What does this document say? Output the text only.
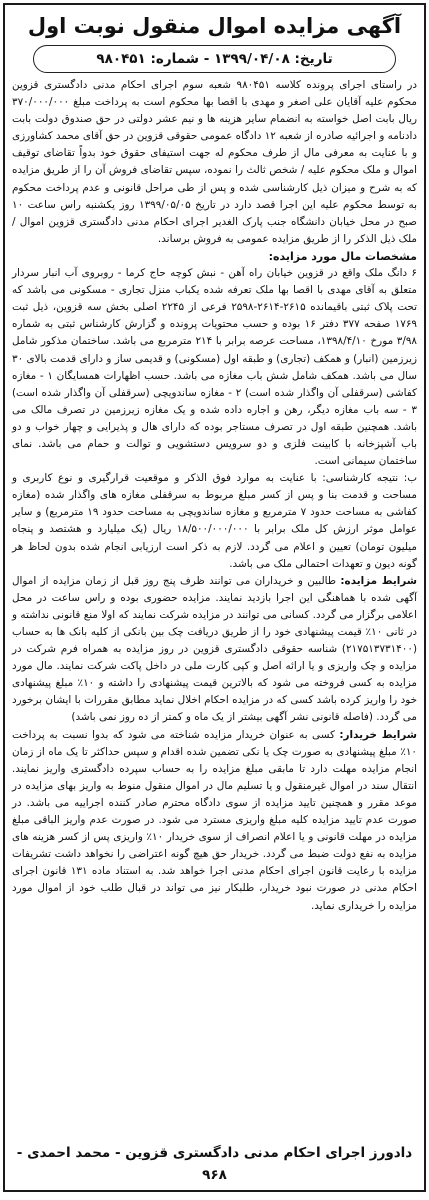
آگهی مزایده اموال منقول نوبت اول
تاریخ: ۱۳۹۹/۰۴/۰۸ - شماره: ۹۸۰۴۵۱

در راستای اجرای پرونده کلاسه ۹۸۰۴۵۱ شعبه سوم اجرای احکام مدنی دادگستری قزوین محکوم علیه آقایان علی اصغر و مهدی با اقصا بها محکوم است به پرداخت مبلغ ۳۷۰/۰۰۰/۰۰۰ ریال بابت اصل خواسته به انضمام سایر هزینه ها و نیم عشر دولتی در حق صندوق دولت بابت دادنامه و اجرائیه صادره از شعبه ۱۲ دادگاه عمومی حقوقی قزوین در حق آقای محمد کشاورزی و با عنایت به معرفی مال از طرف محکوم له جهت استیفای حقوق خود بدواً تقاضای توقیف اموال و ملک محکوم علیه / شخص ثالث را نموده، سپس تقاضای فروش آن را از طریق مزایده که به شرح و میزان ذیل کارشناسی شده و پس از طی مراحل قانونی و عدم پرداخت محکوم به توسط محکوم علیه این اجرا قصد دارد در تاریخ ۱۳۹۹/۰۵/۰۵ روز یکشنبه راس ساعت ۱۰ صبح در محل خیابان دانشگاه جنب پارک الغدیر اجرای احکام مدنی دادگستری قزوین اموال / ملک ذیل الذکر را از طریق مزایده عمومی به فروش برساند.

مشخصات مال مورد مزایده:

۶ دانگ ملک واقع در قزوین خیابان راه آهن - نبش کوچه حاج کرما - روبروی آب انبار سردار متعلق به آقای مهدی با اقصا بها ملک تعرفه شده یکباب منزل تجاری - مسکونی می باشد که تحت پلاک ثبتی باقیمانده ۲۶۱۵-۲۶۱۴-۲۵۹۸ فرعی از ۲۲۴۵ اصلی بخش سه قزوین، ذیل ثبت ۱۷۶۹ صفحه ۳۷۷ دفتر ۱۶ بوده و حسب محتویات پرونده و گزارش کارشناس ثبتی به شماره ۳/۹۸ مورخ ۱۳۹۸/۴/۱۰، مساحت عرصه برابر با ۲۱۴ مترمربع می باشد. ساختمان مذکور شامل زیرزمین (انبار) و همکف (تجاری) و طبقه اول (مسکونی) و قدیمی ساز و دارای قدمت بالای ۳۰ سال می باشد. همکف شامل شش باب مغازه می باشد. حسب اظهارات همسایگان ۱ - مغازه کفاشی (سرقفلی آن واگذار شده است) ۲ - مغازه ساندویچی (سرقفلی آن واگذار شده است) ۳ - سه باب مغازه دیگر، رهن و اجاره داده شده و یک مغازه زیرزمین در تصرف مالک می باشد. همچنین طبقه اول در تصرف مستاجر بوده که دارای هال و پذیرایی و چهار خواب و دو باب آشپزخانه با کابینت فلزی و دو سرویس دستشویی و توالت و حمام می باشد. نمای ساختمان سیمانی است.

ب: نتیجه کارشناسی: با عنایت به موارد فوق الذکر و موقعیت قرارگیری و نوع کاربری و مساحت و قدمت بنا و پس از کسر مبلغ مربوط به سرقفلی مغازه های واگذار شده (مغازه کفاشی به مساحت حدود ۷ مترمربع و مغازه ساندویچی به مساحت حدود ۱۹ مترمربع) و سایر عوامل موثر ارزش کل ملک برابر با ۱۸/۵۰۰/۰۰۰/۰۰۰ ریال (یک میلیارد و هشتصد و پنجاه میلیون تومان) تعیین و اعلام می گردد. لازم به ذکر است ارزیابی انجام شده بدون لحاظ هر گونه دیون و تعهدات احتمالی ملک می باشد.

شرایط مزایده: طالبین و خریداران می توانند ظرف پنج روز قبل از زمان مزایده از اموال آگهی شده با هماهنگی این اجرا بازدید نمایند. مزایده حضوری بوده و راس ساعت در محل اعلامی برگزار می گردد. کسانی می توانند در مزایده شرکت نمایند که اولا منع قانونی نداشته و در ثانی ۱۰٪ قیمت پیشنهادی خود را از طریق دریافت چک بین بانکی از کلیه بانک ها به حساب (۲۱۷۵۱۳۷۳۱۴۰۰) شناسه حقوقی دادگستری قزوین در روز مزایده به همراه فرم شرکت در مزایده و چک واریزی و یا ارائه اصل و کپی کارت ملی در داخل پاکت شرکت نمایند. مال مورد مزایده به کسی فروخته می شود که بالاترین قیمت پیشنهادی را داشته و ۱۰٪ مبلغ پیشنهادی خود را واریز کرده باشد کسی که در مزایده احکام اخلال نماید مطابق مقررات با ایشان برخورد می گردد. (فاصله قانونی نشر آگهی بیشتر از یک ماه و کمتر از ده روز نمی باشد)

شرایط خریدار: کسی به عنوان خریدار مزایده شناخته می شود که بدوا نسبت به پرداخت ۱۰٪ مبلغ پیشنهادی به صورت چک یا نکی تضمین شده اقدام و سپس حداکثر تا یک ماه از زمان انجام مزایده مهلت دارد تا مابقی مبلغ مزایده را به حساب سپرده دادگستری واریز نمایند. انتقال سند در اموال غیرمنقول و یا تسلیم مال در اموال منقول منوط به واریز بهای مزایده در موعد مقرر و همچنین تایید مزایده از سوی دادگاه محترم صادر کننده اجراییه می باشد. در صورت عدم تایید مزایده کلیه مبلغ واریزی مسترد می شود. در صورت عدم واریز الباقی مبلغ مزایده در مهلت قانونی و یا اعلام انصراف از سوی خریدار ۱۰٪ واریزی پس از کسر هزینه های مزایده به نفع دولت ضبط می گردد. خریدار حق هیچ گونه اعتراضی را نخواهد داشت تشریفات مزایده با رعایت قانون اجرای احکام مدنی اجرا خواهد شد. به استناد ماده ۱۳۱ قانون اجرای احکام مدنی در صورت نبود خریدار، طلبکار نیز می تواند در قبال طلب خود از اموال مورد مزایده را خریداری نماید.

دادورز اجرای احکام مدنی دادگستری قزوین - محمد احمدی - ۹۶۸
